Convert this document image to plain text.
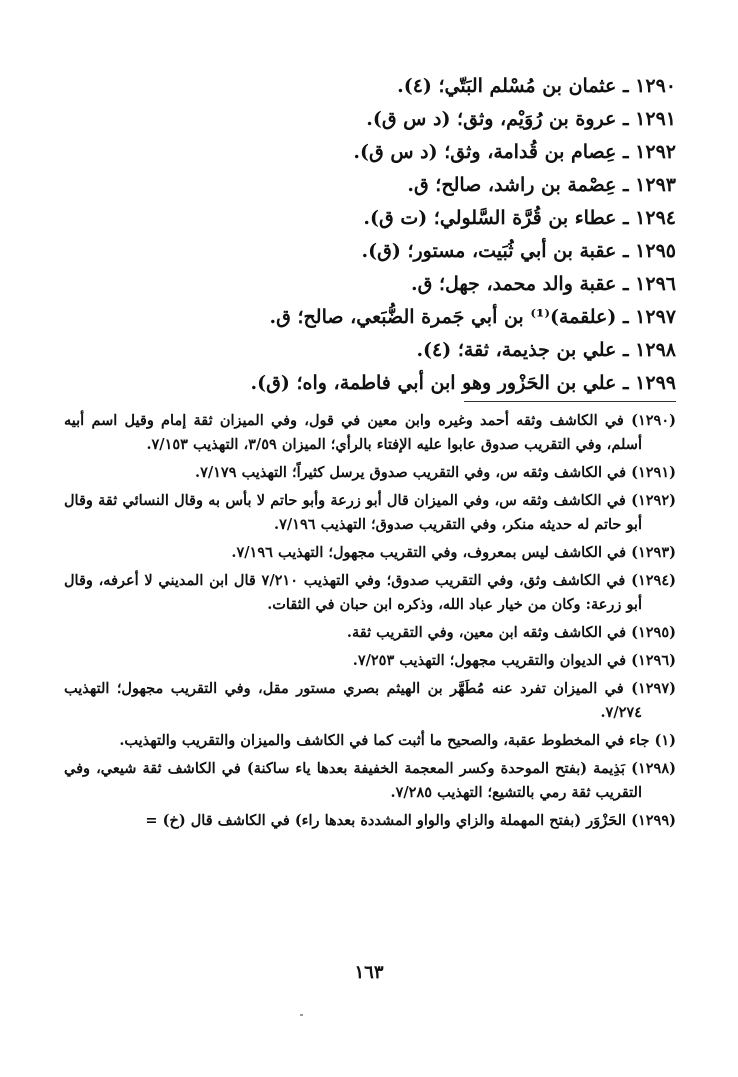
١٢٩٠ ـ عثمان بن مُسْلم البَتّي؛ (٤).
١٢٩١ ـ عروة بن رُوَيْم، وثق؛ (د س ق).
١٢٩٢ ـ عِصام بن قُدامة، وثق؛ (د س ق).
١٢٩٣ ـ عِصْمة بن راشد، صالح؛ ق.
١٢٩٤ ـ عطاء بن قُرَّة السَّلولي؛ (ت ق).
١٢٩٥ ـ عقبة بن أبي ثُبَيت، مستور؛ (ق).
١٢٩٦ ـ عقبة والد محمد، جهل؛ ق.
١٢٩٧ ـ (علقمة)⁽¹⁾ بن أبي جَمرة الضُّبَعي، صالح؛ ق.
١٢٩٨ ـ علي بن جذيمة، ثقة؛ (٤).
١٢٩٩ ـ علي بن الحَزْور وهو ابن أبي فاطمة، واه؛ (ق).

(١٢٩٠) في الكاشف وثقه أحمد وغيره وابن معين في قول، وفي الميزان ثقة إمام وقيل اسم أبيه أسلم، وفي التقريب صدوق عابوا عليه الإفتاء بالرأي؛ الميزان ٣/٥٩، التهذيب ٧/١٥٣.

(١٢٩١) في الكاشف وثقه س، وفي التقريب صدوق يرسل كثيراً؛ التهذيب ٧/١٧٩.

(١٢٩٢) في الكاشف وثقه س، وفي الميزان قال أبو زرعة وأبو حاتم لا بأس به وقال النسائي ثقة وقال أبو حاتم له حديثه منكر، وفي التقريب صدوق؛ التهذيب ٧/١٩٦.

(١٢٩٣) في الكاشف ليس بمعروف، وفي التقريب مجهول؛ التهذيب ٧/١٩٦.

(١٢٩٤) في الكاشف وثق، وفي التقريب صدوق؛ وفي التهذيب ٧/٢١٠ قال ابن المديني لا أعرفه، وقال أبو زرعة: وكان من خيار عباد الله، وذكره ابن حبان في الثقات.

(١٢٩٥) في الكاشف وثقه ابن معين، وفي التقريب ثقة.

(١٢٩٦) في الديوان والتقريب مجهول؛ التهذيب ٧/٢٥٣.

(١٢٩٧) في الميزان تفرد عنه مُطَهَّر بن الهيثم بصري مستور مقل، وفي التقريب مجهول؛ التهذيب ٧/٢٧٤.

(١) جاء في المخطوط عقبة، والصحيح ما أثبت كما في الكاشف والميزان والتقريب والتهذيب.

(١٢٩٨) بَذِيمة (بفتح الموحدة وكسر المعجمة الخفيفة بعدها ياء ساكنة) في الكاشف ثقة شيعي، وفي التقريب ثقة رمي بالتشيع؛ التهذيب ٧/٢٨٥.

(١٢٩٩) الحَزْوَر (بفتح المهملة والزاي والواو المشددة بعدها راء) في الكاشف قال (خ) =

١٦٣
